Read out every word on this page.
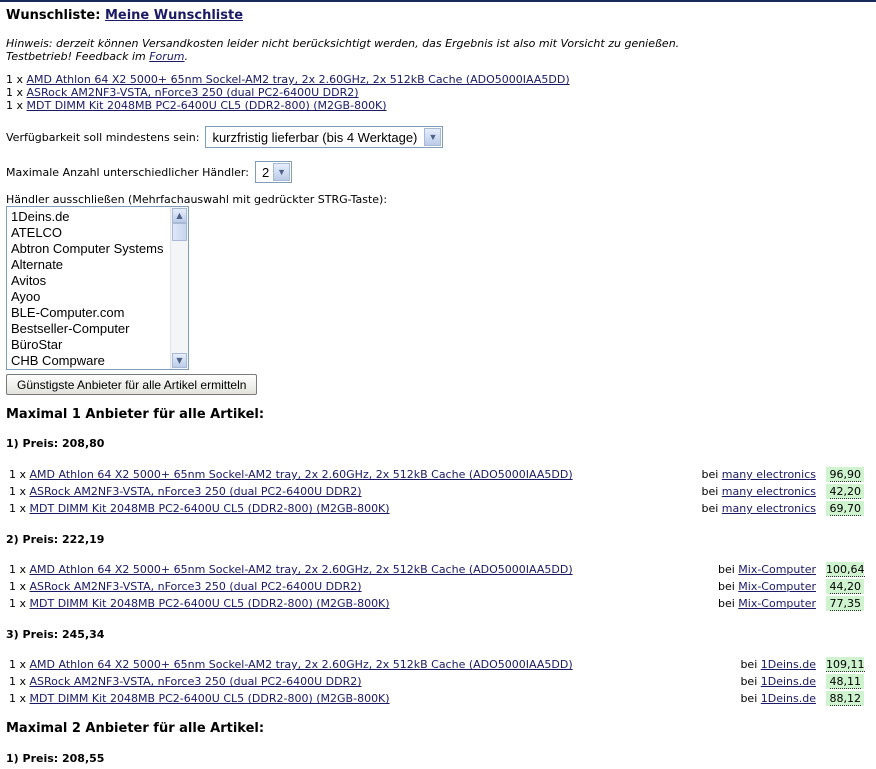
Wunschliste: Meine Wunschliste
Hinweis: derzeit können Versandkosten leider nicht berücksichtigt werden, das Ergebnis ist also mit Vorsicht zu genießen.
Testbetrieb! Feedback im Forum.
1 x AMD Athlon 64 X2 5000+ 65nm Sockel-AM2 tray, 2x 2.60GHz, 2x 512kB Cache (ADO5000IAA5DD)
1 x ASRock AM2NF3-VSTA, nForce3 250 (dual PC2-6400U DDR2)
1 x MDT DIMM Kit 2048MB PC2-6400U CL5 (DDR2-800) (M2GB-800K)
Verfügbarkeit soll mindestens sein: kurzfristig lieferbar (bis 4 Werktage)	▼
Maximale Anzahl unterschiedlicher Händler: 2 ▼
Händler ausschließen (Mehrfachauswahl mit gedrückter STRG-Taste):
1Deins.de
ATELCO
Abtron Computer Systems
Alternate
Avitos
Ayoo
BLE-Computer.com
Bestseller-Computer
BüroStar
CHB Compware
▲
▼
Günstigste Anbieter für alle Artikel ermitteln
Maximal 1 Anbieter für alle Artikel:
1) Preis: 208,80
1 x AMD Athlon 64 X2 5000+ 65nm Sockel-AM2 tray, 2x 2.60GHz, 2x 512kB Cache (ADO5000IAA5DD)	bei many electronics	96,90
1 x ASRock AM2NF3-VSTA, nForce3 250 (dual PC2-6400U DDR2)	bei many electronics	42,20
1 x MDT DIMM Kit 2048MB PC2-6400U CL5 (DDR2-800) (M2GB-800K)	bei many electronics	69,70
2) Preis: 222,19
1 x AMD Athlon 64 X2 5000+ 65nm Sockel-AM2 tray, 2x 2.60GHz, 2x 512kB Cache (ADO5000IAA5DD)	bei Mix-Computer 100,64
1 x ASRock AM2NF3-VSTA, nForce3 250 (dual PC2-6400U DDR2)	bei Mix-Computer	44,20
1 x MDT DIMM Kit 2048MB PC2-6400U CL5 (DDR2-800) (M2GB-800K)	bei Mix-Computer	77,35
3) Preis: 245,34
1 x AMD Athlon 64 X2 5000+ 65nm Sockel-AM2 tray, 2x 2.60GHz, 2x 512kB Cache (ADO5000IAA5DD)	bei 1Deins.de 109,11
1 x ASRock AM2NF3-VSTA, nForce3 250 (dual PC2-6400U DDR2)	bei 1Deins.de	48,11
1 x MDT DIMM Kit 2048MB PC2-6400U CL5 (DDR2-800) (M2GB-800K)	bei 1Deins.de	88,12
Maximal 2 Anbieter für alle Artikel:
1) Preis: 208,55
